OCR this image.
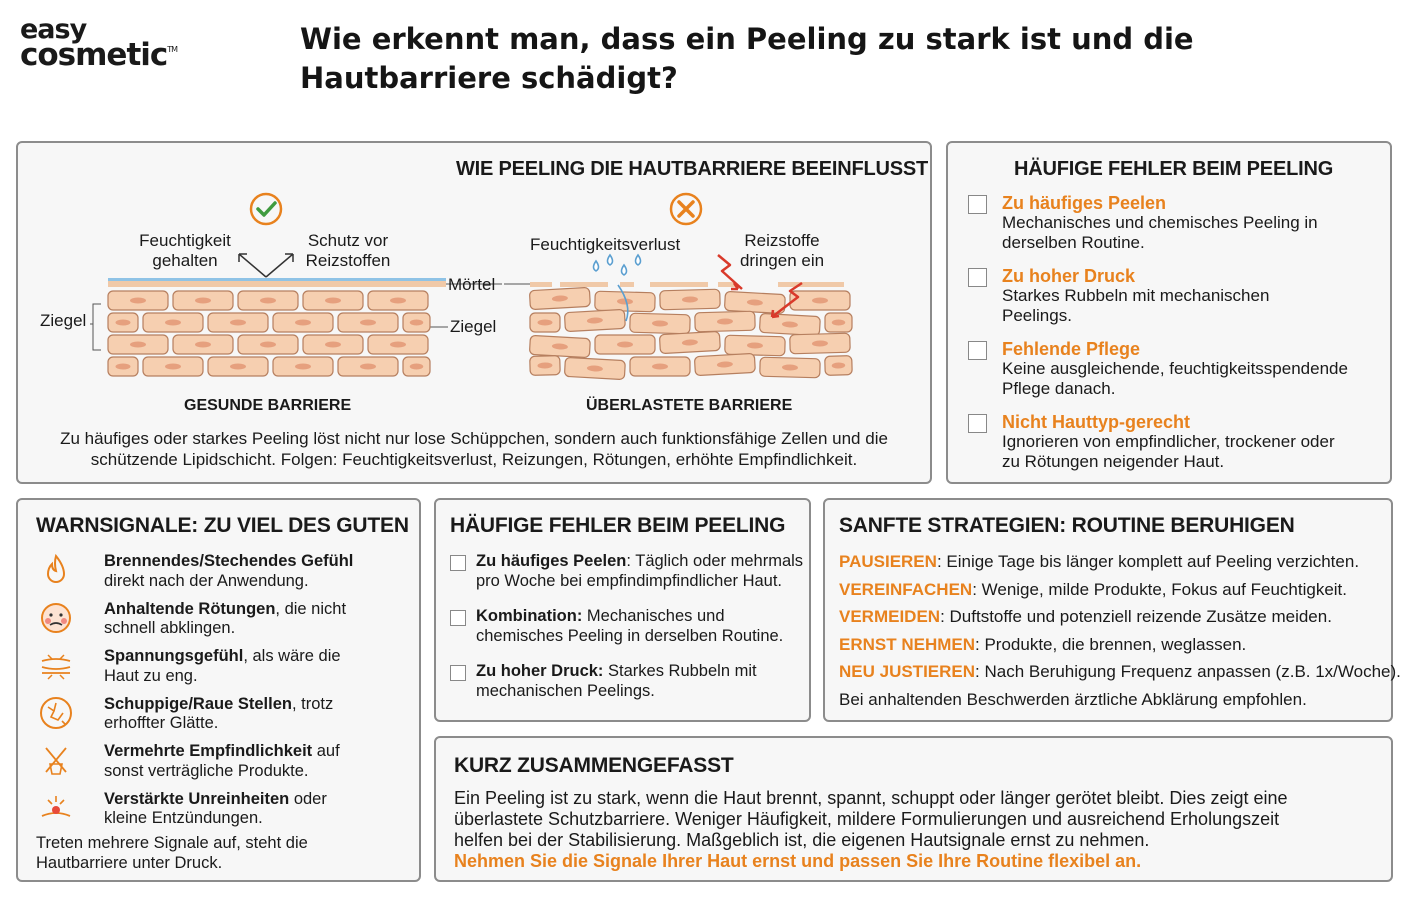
easy
cosmetic™	Wie erkennt man, dass ein Peeling zu stark ist und die
Hautbarriere schädigt?
WIE PEELING DIE HAUTBARRIERE BEEINFLUSST
Feuchtigkeit
gehalten
Schutz vor
Reizstoffen
Ziegel
Mörtel
Ziegel
GESUNDE BARRIERE
Feuchtigkeitsverlust	Reizstoffe
dringen ein
ÜBERLASTETE BARRIERE
Zu häufiges oder starkes Peeling löst nicht nur lose Schüppchen, sondern auch funktionsfähige Zellen und die
schützende Lipidschicht. Folgen: Feuchtigkeitsverlust, Reizungen, Rötungen, erhöhte Empfindlichkeit.
HÄUFIGE FEHLER BEIM PEELING
Zu häufiges Peelen
Mechanisches und chemisches Peeling in
derselben Routine.
Zu hoher Druck
Starkes Rubbeln mit mechanischen
Peelings.
Fehlende Pflege
Keine ausgleichende, feuchtigkeitsspendende
Pflege danach.
Nicht Hauttyp-gerecht
Ignorieren von empfindlicher, trockener oder
zu Rötungen neigender Haut.
WARNSIGNALE: ZU VIEL DES GUTEN
Brennendes/Stechendes Gefühl
direkt nach der Anwendung.
Anhaltende Rötungen, die nicht
schnell abklingen.
Spannungsgefühl, als wäre die
Haut zu eng.
Schuppige/Raue Stellen, trotz
erhoffter Glätte.
Vermehrte Empfindlichkeit auf
sonst verträgliche Produkte.
Verstärkte Unreinheiten oder
kleine Entzündungen.
Treten mehrere Signale auf, steht die
Hautbarriere unter Druck.
HÄUFIGE FEHLER BEIM PEELING
Zu häufiges Peelen: Täglich oder mehrmals
pro Woche bei empfindimpfindlicher Haut.
Kombination: Mechanisches und
chemisches Peeling in derselben Routine.
Zu hoher Druck: Starkes Rubbeln mit
mechanischen Peelings.
SANFTE STRATEGIEN: ROUTINE BERUHIGEN
PAUSIEREN: Einige Tage bis länger komplett auf Peeling verzichten.
VEREINFACHEN: Wenige, milde Produkte, Fokus auf Feuchtigkeit.
VERMEIDEN: Duftstoffe und potenziell reizende Zusätze meiden.
ERNST NEHMEN: Produkte, die brennen, weglassen.
NEU JUSTIEREN: Nach Beruhigung Frequenz anpassen (z.B. 1x/Woche).
Bei anhaltenden Beschwerden ärztliche Abklärung empfohlen.
KURZ ZUSAMMENGEFASST
Ein Peeling ist zu stark, wenn die Haut brennt, spannt, schuppt oder länger gerötet bleibt. Dies zeigt eine
überlastete Schutzbarriere. Weniger Häufigkeit, mildere Formulierungen und ausreichend Erholungszeit
helfen bei der Stabilisierung. Maßgeblich ist, die eigenen Hautsignale ernst zu nehmen.
Nehmen Sie die Signale Ihrer Haut ernst und passen Sie Ihre Routine flexibel an.
